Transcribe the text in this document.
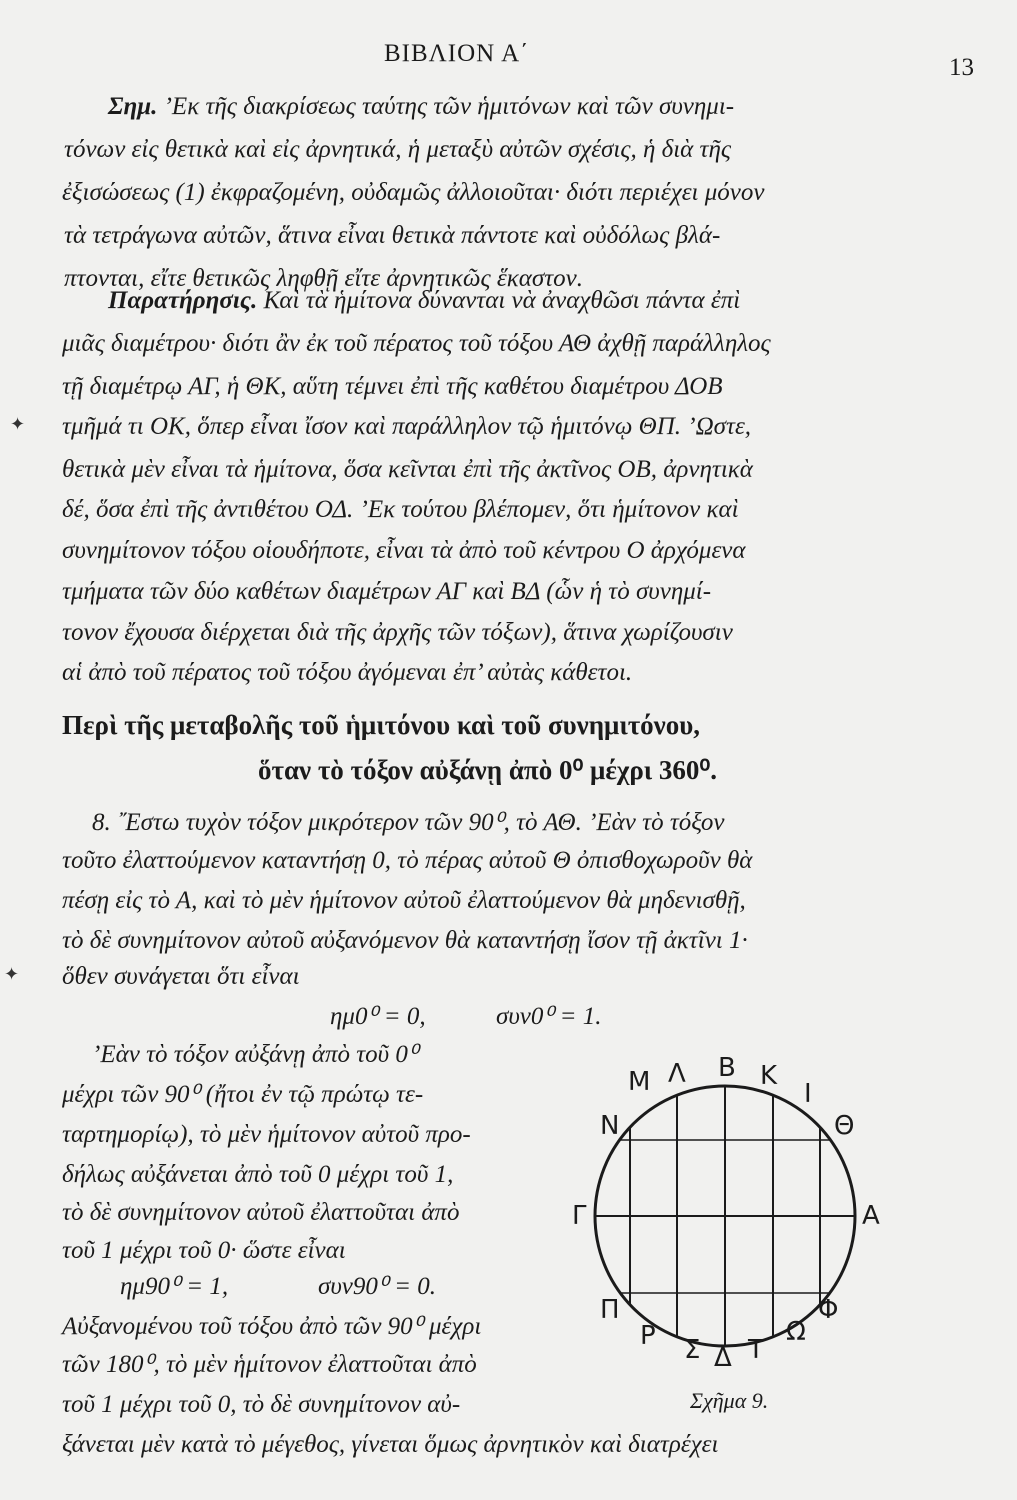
ΒΙΒΛΙΟΝ Α΄
13
Σημ. ’Εκ τῆς διακρίσεως ταύτης τῶν ἡμιτόνων καὶ τῶν συνημι-
τόνων εἰς θετικὰ καὶ εἰς ἀρνητικά, ἡ μεταξὺ αὐτῶν σχέσις, ἡ διὰ τῆς
ἐξισώσεως (1) ἐκφραζομένη, οὐδαμῶς ἀλλοιοῦται· διότι περιέχει μόνον
τὰ τετράγωνα αὐτῶν, ἅτινα εἶναι θετικὰ πάντοτε καὶ οὐδόλως βλά-
πτονται, εἴτε θετικῶς ληφθῇ εἴτε ἀρνητικῶς ἕκαστον.
Παρατήρησις. Καὶ τὰ ἡμίτονα δύνανται νὰ ἀναχθῶσι πάντα ἐπὶ
μιᾶς διαμέτρου· διότι ἂν ἐκ τοῦ πέρατος τοῦ τόξου ΑΘ ἀχθῇ παράλληλος
τῇ διαμέτρῳ ΑΓ, ἡ ΘΚ, αὕτη τέμνει ἐπὶ τῆς καθέτου διαμέτρου ΔΟΒ
✦ τμῆμά τι ΟΚ, ὅπερ εἶναι ἴσον καὶ παράλληλον τῷ ἡμιτόνῳ ΘΠ. ’Ωστε,
θετικὰ μὲν εἶναι τὰ ἡμίτονα, ὅσα κεῖνται ἐπὶ τῆς ἀκτῖνος ΟΒ, ἀρνητικὰ
δέ, ὅσα ἐπὶ τῆς ἀντιθέτου ΟΔ. ’Εκ τούτου βλέπομεν, ὅτι ἡμίτονον καὶ
συνημίτονον τόξου οἱουδήποτε, εἶναι τὰ ἀπὸ τοῦ κέντρου Ο ἀρχόμενα
τμήματα τῶν δύο καθέτων διαμέτρων ΑΓ καὶ ΒΔ (ὧν ἡ τὸ συνημί-
τονον ἔχουσα διέρχεται διὰ τῆς ἀρχῆς τῶν τόξων), ἅτινα χωρίζουσιν
αἱ ἀπὸ τοῦ πέρατος τοῦ τόξου ἀγόμεναι ἐπ’ αὐτὰς κάθετοι.
Περὶ τῆς μεταβολῆς τοῦ ἡμιτόνου καὶ τοῦ συνημιτόνου,
ὅταν τὸ τόξον αὐξάνῃ ἀπὸ 0⁰ μέχρι 360⁰.
8. ῎Εστω τυχὸν τόξον μικρότερον τῶν 90⁰, τὸ ΑΘ. ’Εὰν τὸ τόξον
τοῦτο ἐλαττούμενον καταντήσῃ 0, τὸ πέρας αὐτοῦ Θ ὀπισθοχωροῦν θὰ
πέσῃ εἰς τὸ Α, καὶ τὸ μὲν ἡμίτονον αὐτοῦ ἐλαττούμενον θὰ μηδενισθῇ,
τὸ δὲ συνημίτονον αὐτοῦ αὐξανόμενον θὰ καταντήσῃ ἴσον τῇ ἀκτῖνι 1·
✦ ὅθεν συνάγεται ὅτι εἶναι
ημ0⁰ = 0,	συν0⁰ = 1.
’Εὰν τὸ τόξον αὐξάνῃ ἀπὸ τοῦ 0⁰
μέχρι τῶν 90⁰ (ἤτοι ἐν τῷ πρώτῳ τε-
ταρτημορίῳ), τὸ μὲν ἡμίτονον αὐτοῦ προ-
δήλως αὐξάνεται ἀπὸ τοῦ 0 μέχρι τοῦ 1,
τὸ δὲ συνημίτονον αὐτοῦ ἐλαττοῦται ἀπὸ
τοῦ 1 μέχρι τοῦ 0· ὥστε εἶναι
ημ90⁰ = 1,	συν90⁰ = 0.
Αὐξανομένου τοῦ τόξου ἀπὸ τῶν 90⁰ μέχρι
τῶν 180⁰, τὸ μὲν ἡμίτονον ἐλαττοῦται ἀπὸ
τοῦ 1 μέχρι τοῦ 0, τὸ δὲ συνημίτονον αὐ-
ξάνεται μὲν κατὰ τὸ μέγεθος, γίνεται ὅμως ἀρνητικὸν καὶ διατρέχει
Μ Λ Β Κ
Ι
Ν	Θ
Γ	Α
Π	Φ
Ρ Σ Δ Τ
Ω
Σχῆμα 9.
